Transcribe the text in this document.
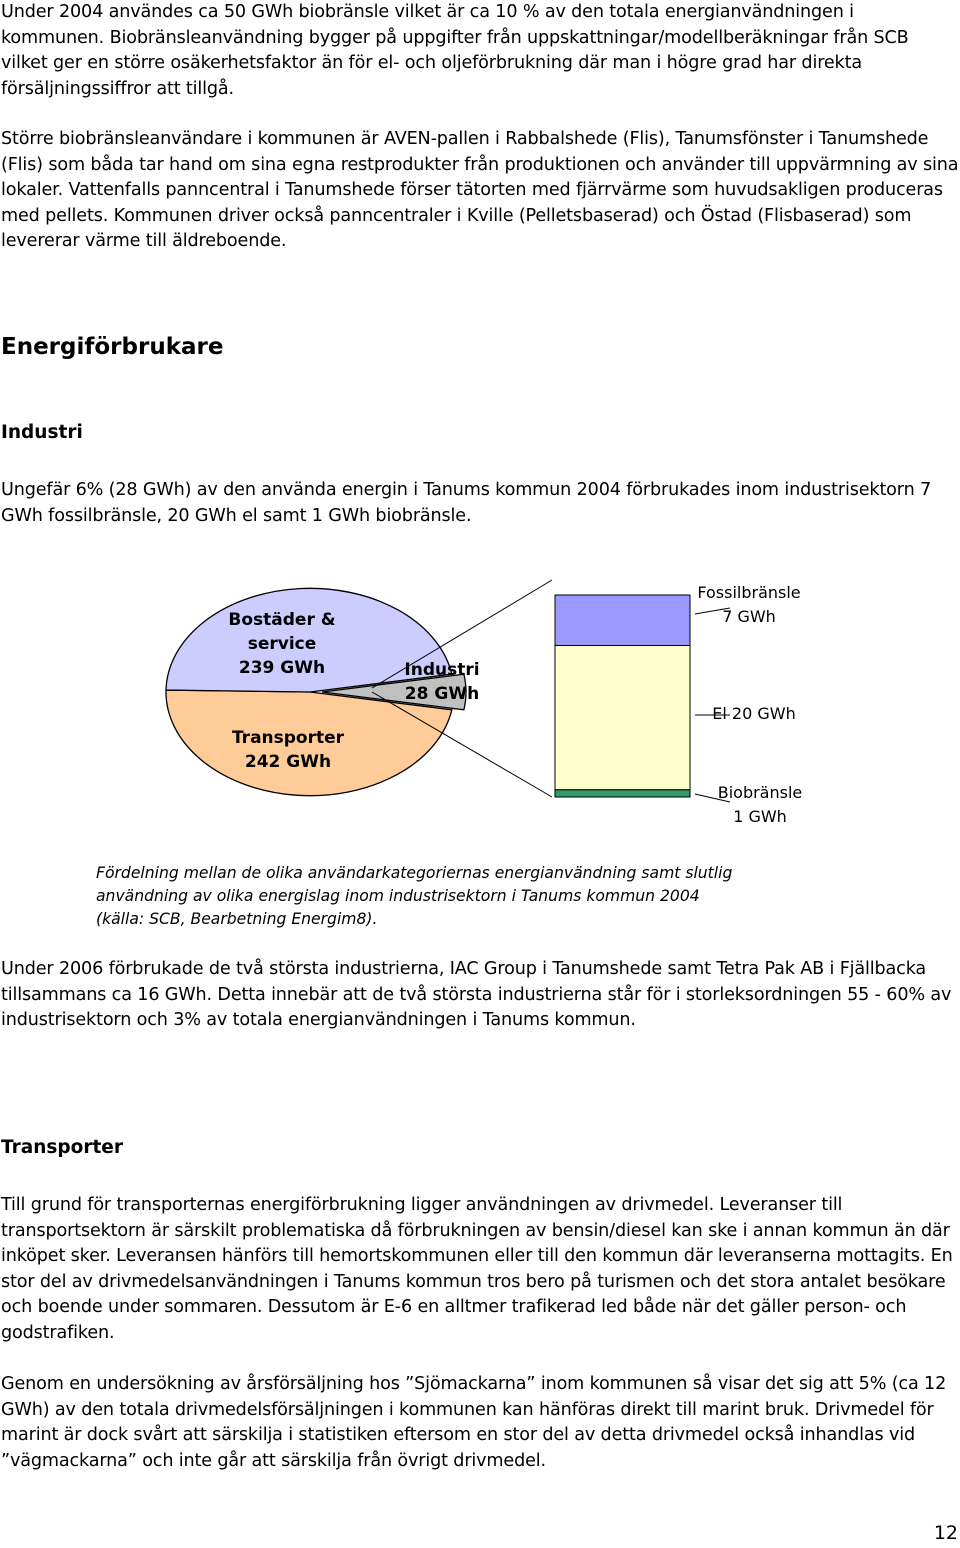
Under 2004 användes ca 50 GWh biobränsle vilket är ca 10 % av den totala energianvändningen i kommunen. Biobränsleanvändning bygger på uppgifter från uppskattningar/modellberäkningar från SCB vilket ger en större osäkerhetsfaktor än för el- och oljeförbrukning där man i högre grad har direkta försäljningssiffror att tillgå.

Större biobränsleanvändare i kommunen är AVEN-pallen i Rabbalshede (Flis), Tanumsfönster i Tanumshede (Flis) som båda tar hand om sina egna restprodukter från produktionen och använder till uppvärmning av sina lokaler. Vattenfalls panncentral i Tanumshede förser tätorten med fjärrvärme som huvudsakligen produceras med pellets. Kommunen driver också panncentraler i Kville (Pelletsbaserad) och Östad (Flisbaserad) som levererar värme till äldreboende.

Energiförbrukare
Industri

Ungefär 6% (28 GWh) av den använda energin i Tanums kommun 2004 förbrukades inom industrisektorn 7 GWh fossilbränsle, 20 GWh el samt 1 GWh biobränsle.

Bostäder &
service
239 GWh
Transporter
242 GWh
Industri
28 GWh
Fossilbränsle
7 GWh
El 20 GWh
Biobränsle
1 GWh
Fördelning mellan de olika användarkategoriernas energianvändning samt slutlig
användning av olika energislag inom industrisektorn i Tanums kommun 2004
(källa: SCB, Bearbetning Energim8).

Under 2006 förbrukade de två största industrierna, IAC Group i Tanumshede samt Tetra Pak AB i Fjällbacka tillsammans ca 16 GWh. Detta innebär att de två största industrierna står för i storleksordningen 55 - 60% av industrisektorn och 3% av totala energianvändningen i Tanums kommun.

Transporter

Till grund för transporternas energiförbrukning ligger användningen av drivmedel. Leveranser till transportsektorn är särskilt problematiska då förbrukningen av bensin/diesel kan ske i annan kommun än där inköpet sker. Leveransen hänförs till hemortskommunen eller till den kommun där leveranserna mottagits. En stor del av drivmedelsanvändningen i Tanums kommun tros bero på turismen och det stora antalet besökare och boende under sommaren. Dessutom är E-6 en alltmer trafikerad led både när det gäller person- och godstrafiken.

Genom en undersökning av årsförsäljning hos ”Sjömackarna” inom kommunen så visar det sig att 5% (ca 12 GWh) av den totala drivmedelsförsäljningen i kommunen kan hänföras direkt till marint bruk. Drivmedel för marint är dock svårt att särskilja i statistiken eftersom en stor del av detta drivmedel också inhandlas vid ”vägmackarna” och inte går att särskilja från övrigt drivmedel.

12
